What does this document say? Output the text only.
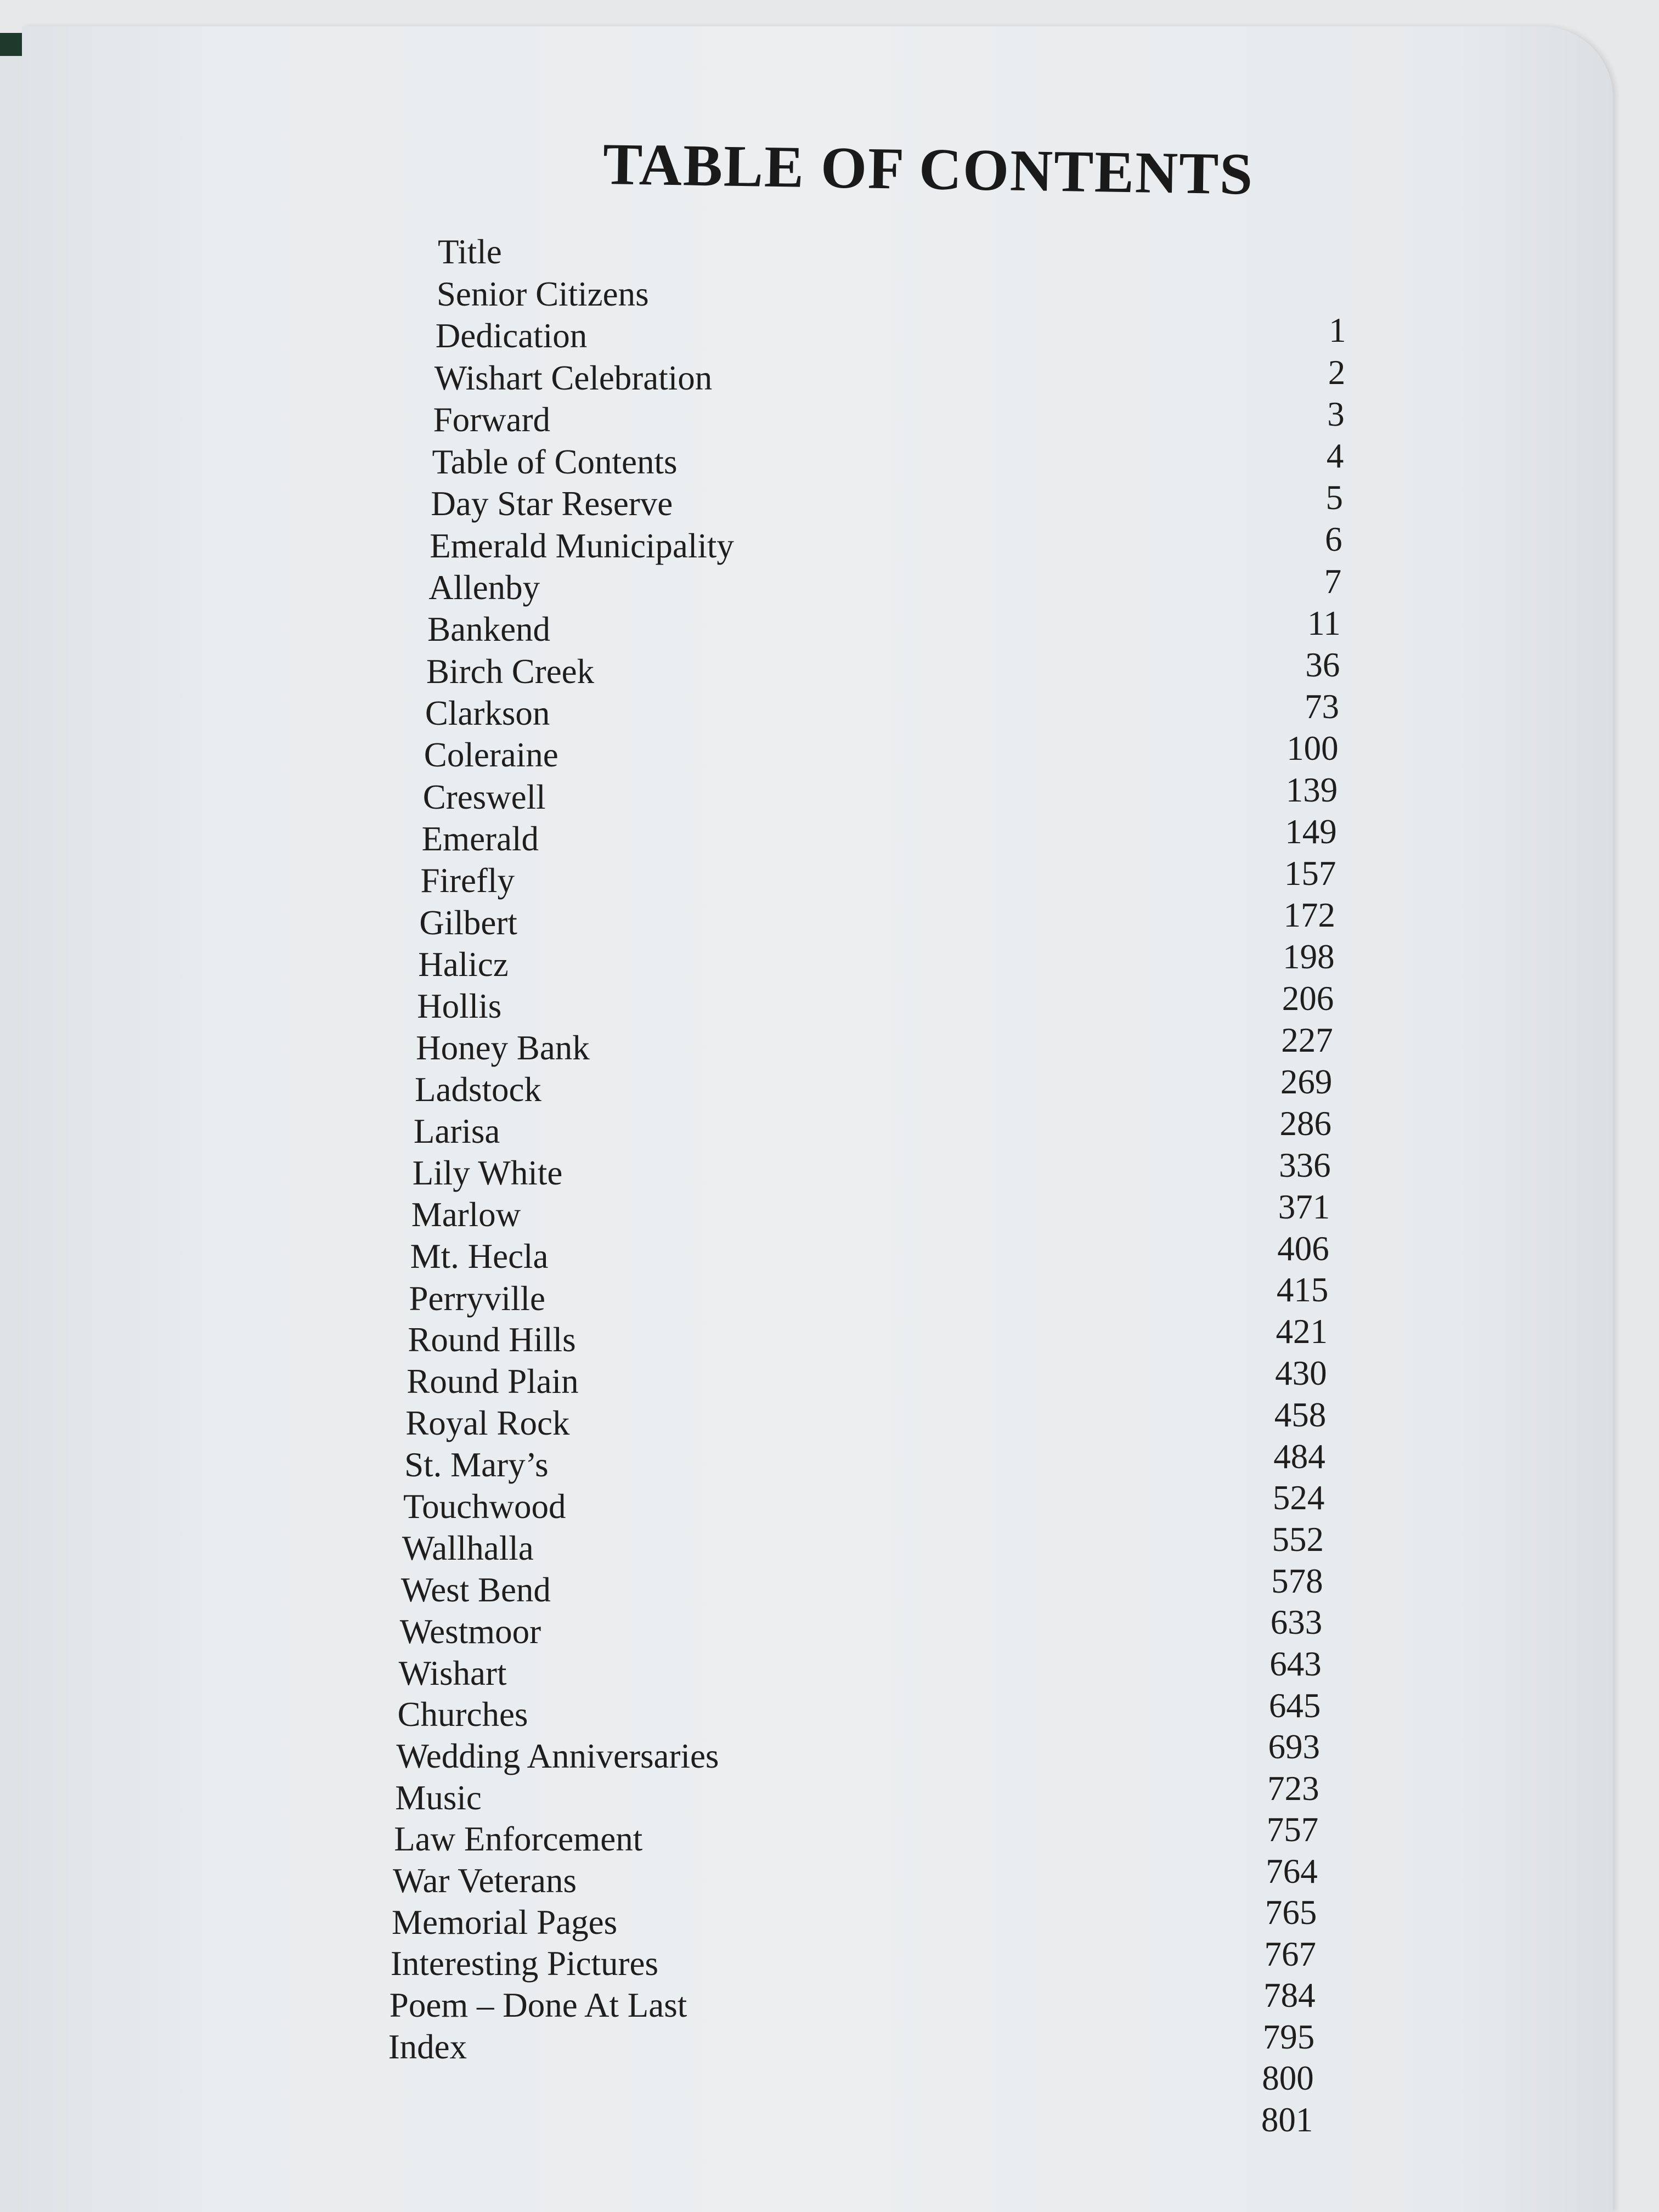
TABLE OF CONTENTS
Title
Senior Citizens
1
Dedication
2
Wishart Celebration
3
Forward
4
Table of Contents
5
Day Star Reserve
6
Emerald Municipality
7
Allenby
11
Bankend
36
Birch Creek
73
Clarkson
100
Coleraine
139
Creswell
149
Emerald
157
Firefly
172
Gilbert
198
Halicz
206
Hollis
227
Honey Bank
269
Ladstock
286
Larisa
336
Lily White
371
Marlow
406
Mt. Hecla
415
Perryville
421
Round Hills
430
Round Plain
458
Royal Rock
484
St. Mary’s
524
Touchwood
552
Wallhalla
578
West Bend
633
Westmoor
643
Wishart
645
Churches
693
Wedding Anniversaries
723
Music
757
Law Enforcement
764
War Veterans
765
Memorial Pages
767
Interesting Pictures
784
Poem – Done At Last
795
Index
800
801
